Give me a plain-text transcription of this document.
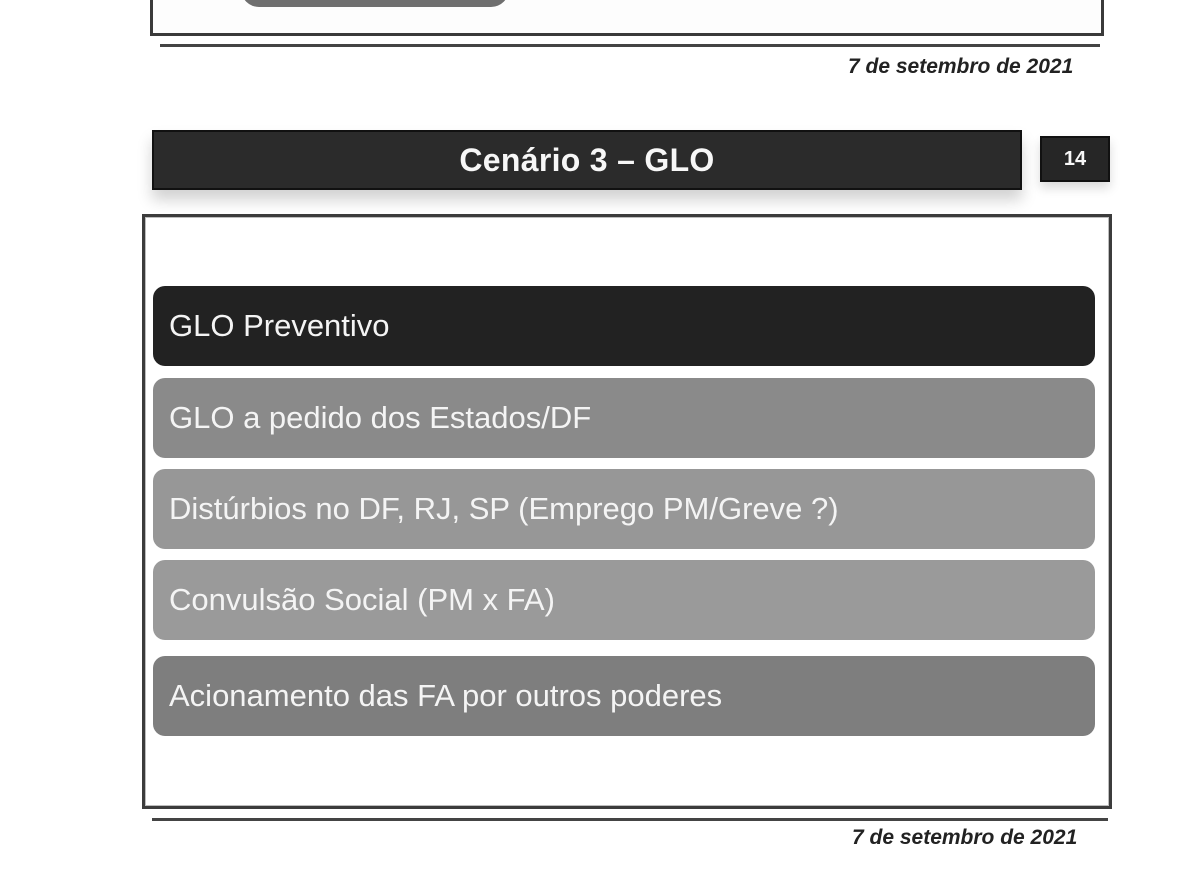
7 de setembro de 2021
Cenário 3 – GLO	14
GLO Preventivo
GLO a pedido dos Estados/DF
Distúrbios no DF, RJ, SP (Emprego PM/Greve ?)
Convulsão Social (PM x FA)
Acionamento das FA por outros poderes
7 de setembro de 2021
